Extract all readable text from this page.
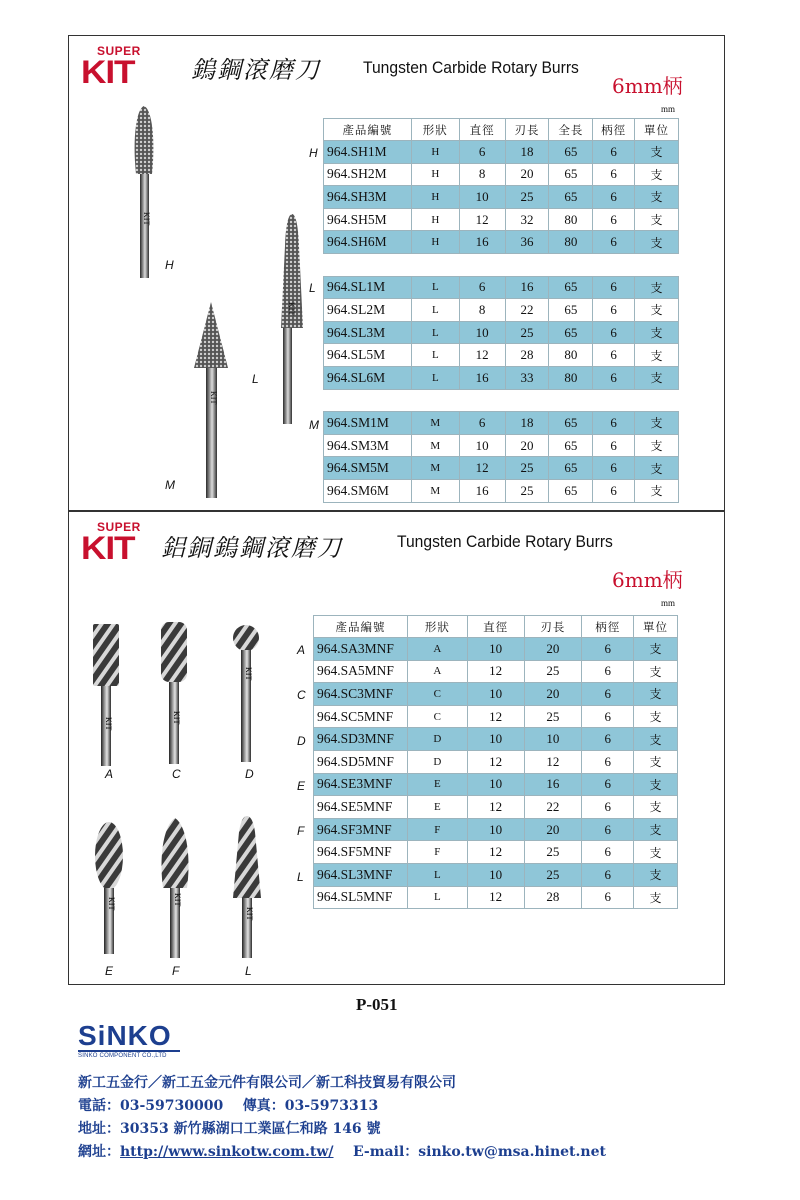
SUPER
KIT 鎢鋼滾磨刀 Tungsten Carbide Rotary Burrs
6mm柄
mm
KIT
KIT
KIT
H
L
M
H
L
M
產品編號	形狀	直徑	刃長	全長	柄徑	單位
964.SH1M	H	6	18	65	6	支
964.SH2M	H	8	20	65	6	支
964.SH3M	H	10	25	65	6	支
964.SH5M	H	12	32	80	6	支
964.SH6M	H	16	36	80	6	支

964.SL1M	L	6	16	65	6	支
964.SL2M	L	8	22	65	6	支
964.SL3M	L	10	25	65	6	支
964.SL5M	L	12	28	80	6	支
964.SL6M	L	16	33	80	6	支

964.SM1M	M	6	18	65	6	支
964.SM3M	M	10	20	65	6	支
964.SM5M	M	12	25	65	6	支
964.SM6M	M	16	25	65	6	支
SUPER
KIT 鋁銅鎢鋼滾磨刀	Tungsten Carbide Rotary Burrs
6mm柄
mm
KIT	KIT
KIT
KIT	KIT
KIT
A	C	D
E	F	L
A
C
D
E
F
L
產品編號	形狀	直徑	刃長	柄徑	單位
964.SA3MNF	A	10	20	6	支
964.SA5MNF	A	12	25	6	支
964.SC3MNF	C	10	20	6	支
964.SC5MNF	C	12	25	6	支
964.SD3MNF	D	10	10	6	支
964.SD5MNF	D	12	12	6	支
964.SE3MNF	E	10	16	6	支
964.SE5MNF	E	12	22	6	支
964.SF3MNF	F	10	20	6	支
964.SF5MNF	F	12	25	6	支
964.SL3MNF	L	10	25	6	支
964.SL5MNF	L	12	28	6	支
P-051
SiNKO
SINKO COMPONENT CO.,LTD
新工五金行／新工五金元件有限公司／新工科技貿易有限公司
電話：03-59730000 傳真：03-5973313
地址：30353 新竹縣湖口工業區仁和路 146 號
網址：http://www.sinkotw.com.tw/ E-mail：sinko.tw@msa.hinet.net
